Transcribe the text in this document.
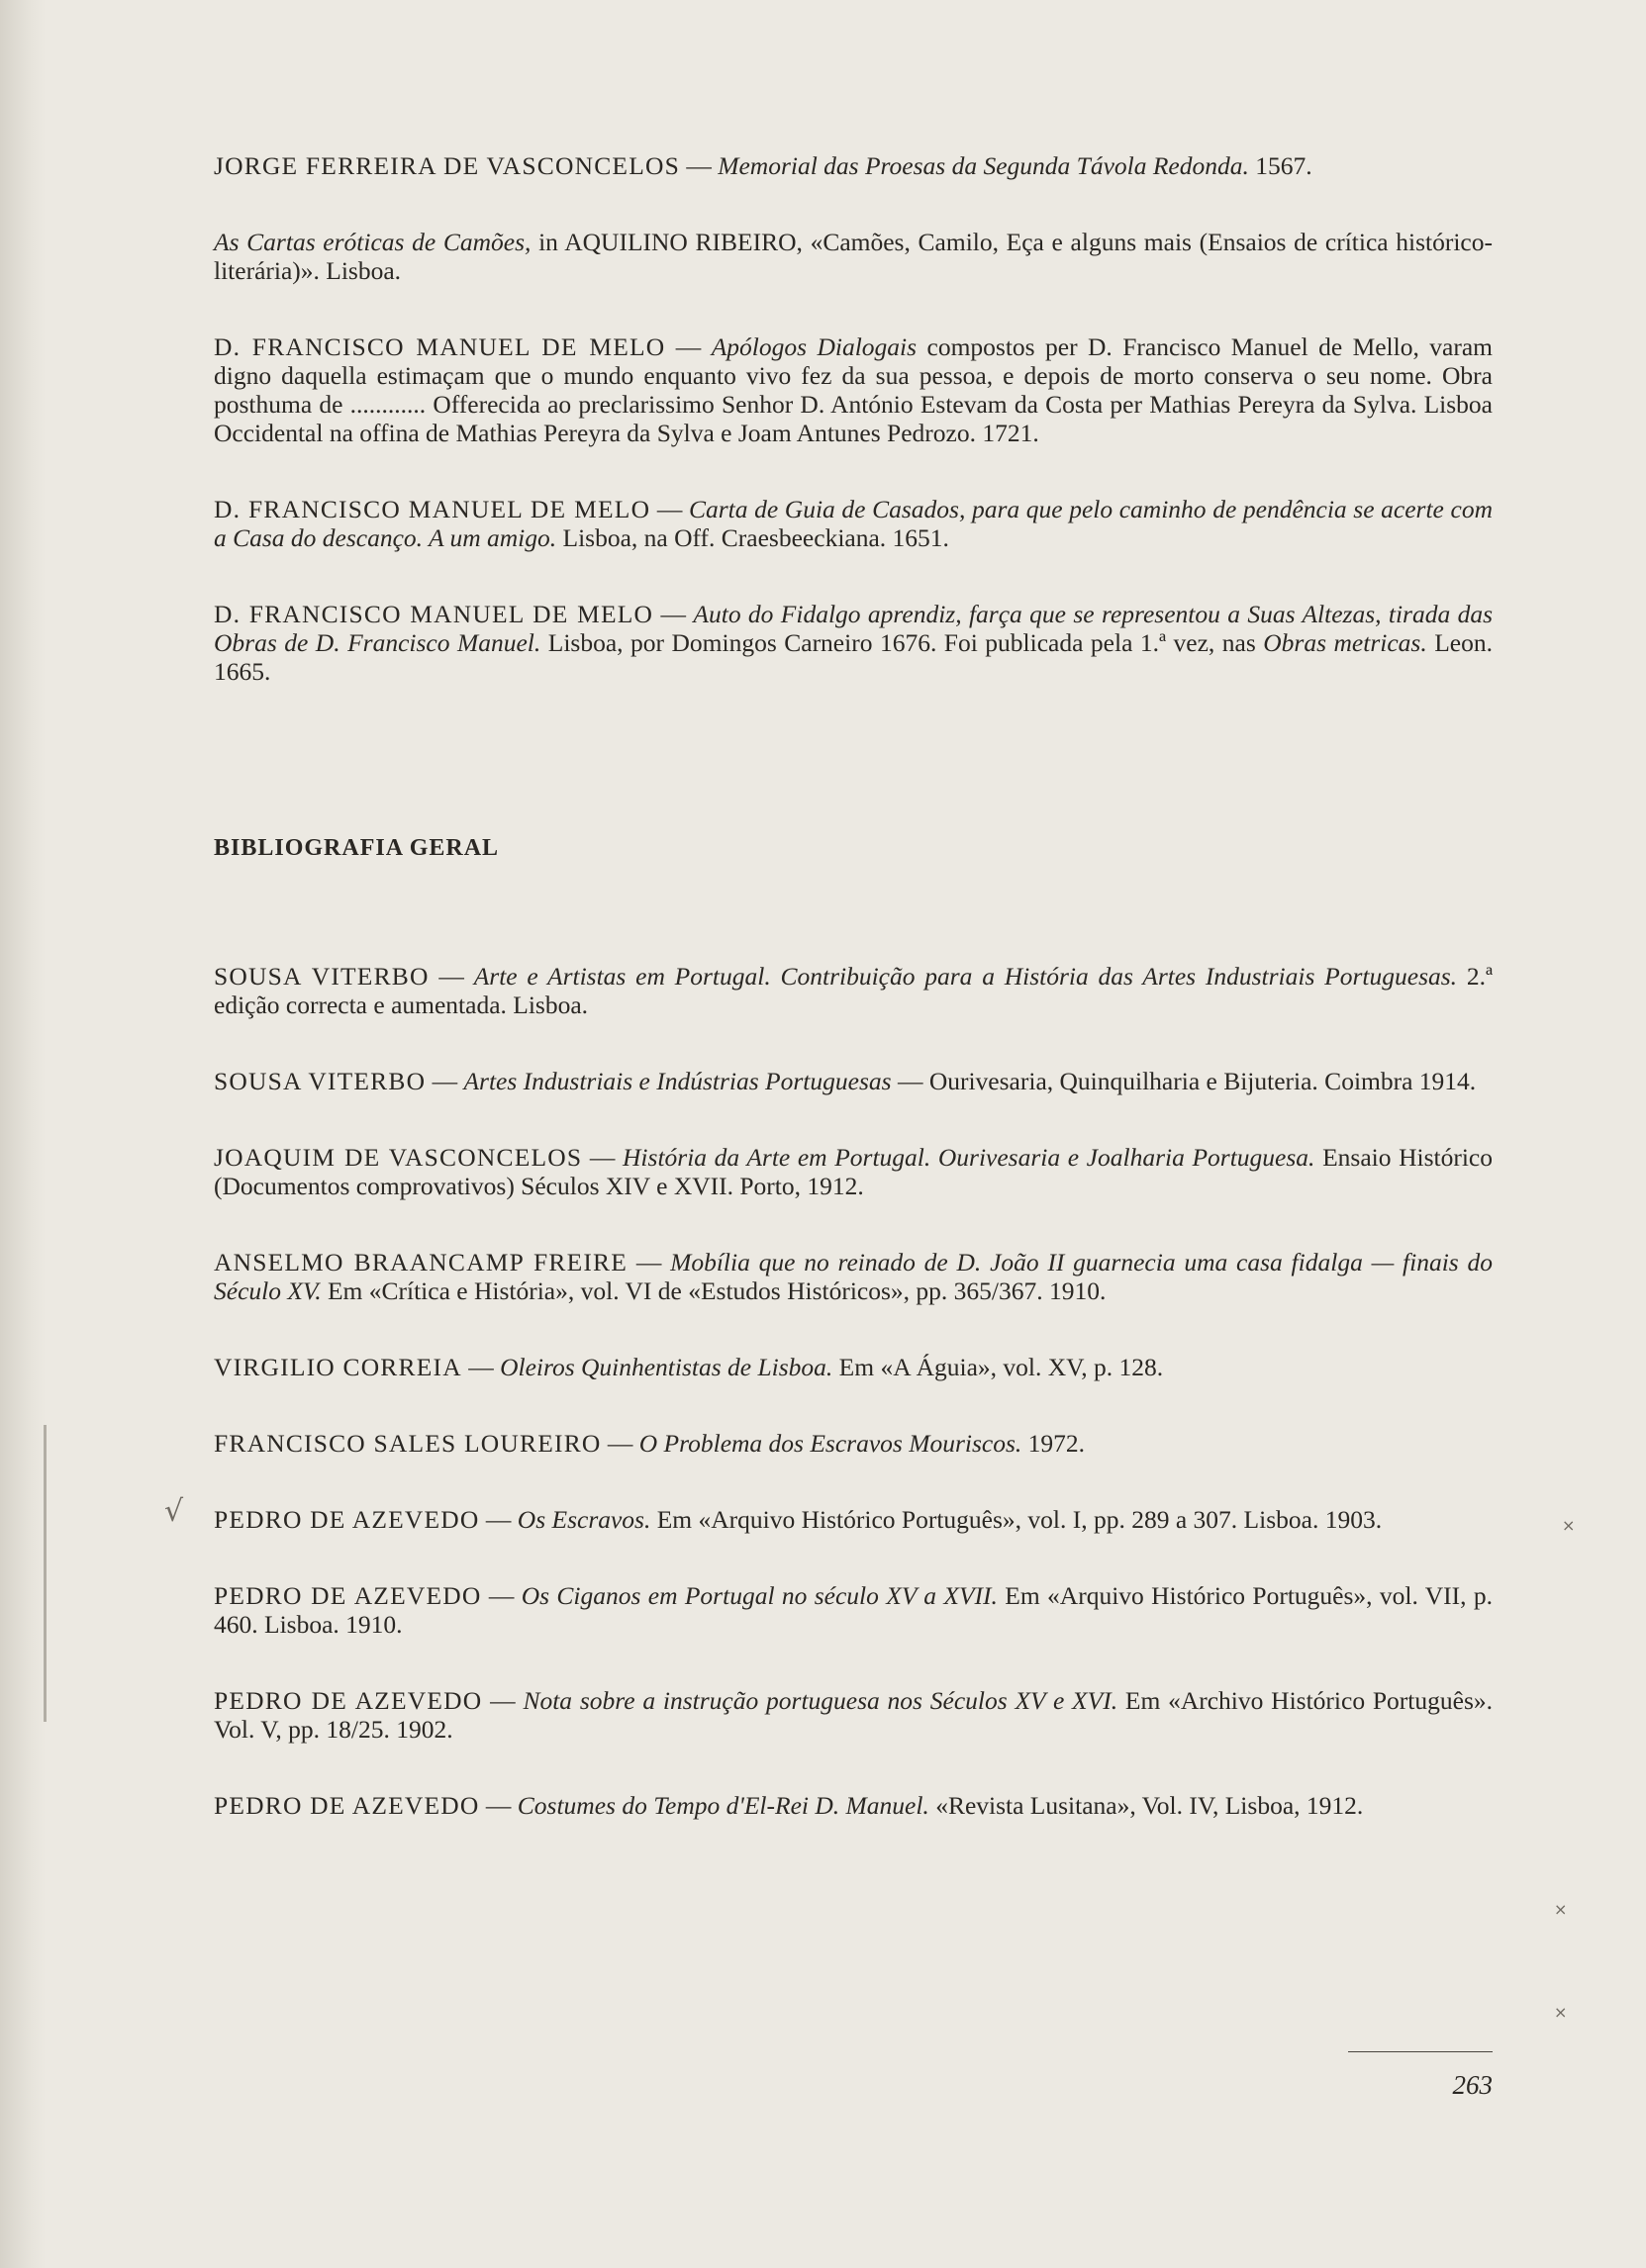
JORGE FERREIRA DE VASCONCELOS — Memorial das Proesas da Segunda Távola Redonda. 1567.

As Cartas eróticas de Camões, in AQUILINO RIBEIRO, «Camões, Camilo, Eça e alguns mais (Ensaios de crítica histórico-literária)». Lisboa.

D. FRANCISCO MANUEL DE MELO — Apólogos Dialogais compostos per D. Francisco Manuel de Mello, varam digno daquella estimaçam que o mundo enquanto vivo fez da sua pessoa, e depois de morto conserva o seu nome. Obra posthuma de ............ Offerecida ao preclarissimo Senhor D. António Estevam da Costa per Mathias Pereyra da Sylva. Lisboa Occidental na offina de Mathias Pereyra da Sylva e Joam Antunes Pedrozo. 1721.

D. FRANCISCO MANUEL DE MELO — Carta de Guia de Casados, para que pelo caminho de pendência se acerte com a Casa do descanço. A um amigo. Lisboa, na Off. Craesbeeckiana. 1651.

D. FRANCISCO MANUEL DE MELO — Auto do Fidalgo aprendiz, farça que se representou a Suas Altezas, tirada das Obras de D. Francisco Manuel. Lisboa, por Domingos Carneiro 1676. Foi publicada pela 1.ª vez, nas Obras metricas. Leon. 1665.

BIBLIOGRAFIA GERAL

SOUSA VITERBO — Arte e Artistas em Portugal. Contribuição para a História das Artes Industriais Portuguesas. 2.ª edição correcta e aumentada. Lisboa.

SOUSA VITERBO — Artes Industriais e Indústrias Portuguesas — Ourivesaria, Quinquilharia e Bijuteria. Coimbra 1914.

JOAQUIM DE VASCONCELOS — História da Arte em Portugal. Ourivesaria e Joalharia Portuguesa. Ensaio Histórico (Documentos comprovativos) Séculos XIV e XVII. Porto, 1912.

ANSELMO BRAANCAMP FREIRE — Mobília que no reinado de D. João II guarnecia uma casa fidalga — finais do Século XV. Em «Crítica e História», vol. VI de «Estudos Históricos», pp. 365/367. 1910.

VIRGILIO CORREIA — Oleiros Quinhentistas de Lisboa. Em «A Águia», vol. XV, p. 128.

FRANCISCO SALES LOUREIRO — O Problema dos Escravos Mouriscos. 1972.

PEDRO DE AZEVEDO — Os Escravos. Em «Arquivo Histórico Português», vol. I, pp. 289 a 307. Lisboa. 1903.

PEDRO DE AZEVEDO — Os Ciganos em Portugal no século XV a XVII. Em «Arquivo Histórico Português», vol. VII, p. 460. Lisboa. 1910.

PEDRO DE AZEVEDO — Nota sobre a instrução portuguesa nos Séculos XV e XVI. Em «Archivo Histórico Português». Vol. V, pp. 18/25. 1902.

PEDRO DE AZEVEDO — Costumes do Tempo d'El-Rei D. Manuel. «Revista Lusitana», Vol. IV, Lisboa, 1912.

263
√	×
×
×
